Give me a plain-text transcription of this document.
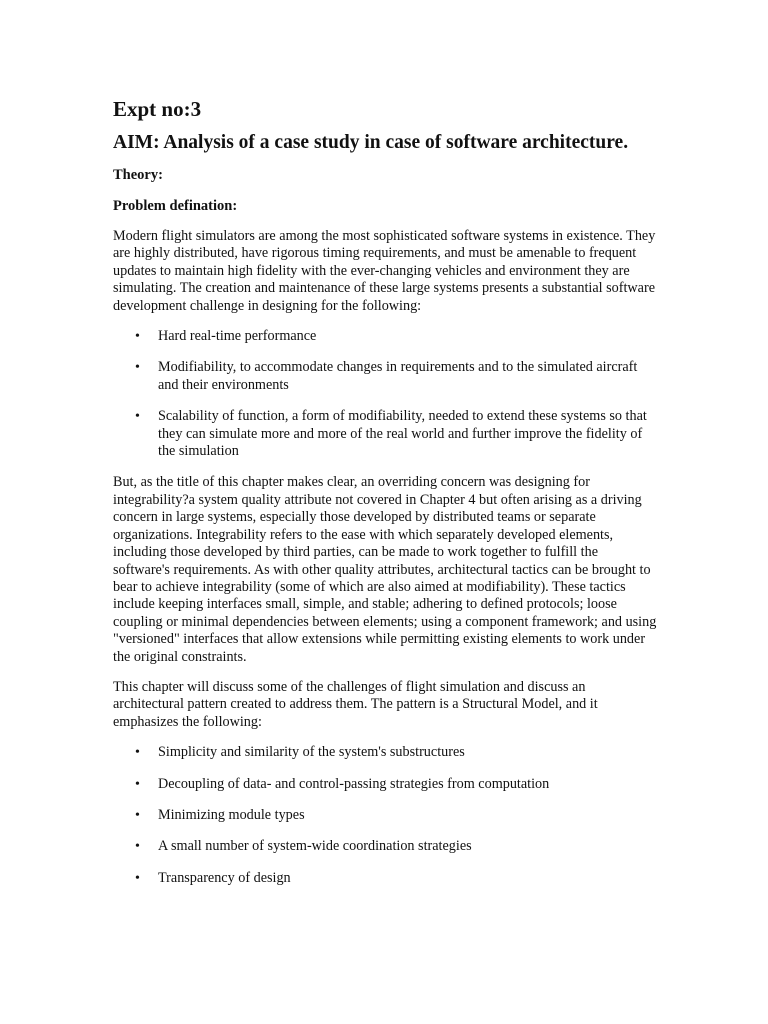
Expt no:3
AIM: Analysis of a case study in case of software architecture.
Theory:
Problem defination:

Modern flight simulators are among the most sophisticated software systems in existence. They are highly distributed, have rigorous timing requirements, and must be amenable to frequent updates to maintain high fidelity with the ever-changing vehicles and environment they are simulating. The creation and maintenance of these large systems presents a substantial software development challenge in designing for the following:

• Hard real-time performance
• Modifiability, to accommodate changes in requirements and to the simulated aircraft and their environments
• Scalability of function, a form of modifiability, needed to extend these systems so that they can simulate more and more of the real world and further improve the fidelity of the simulation

But, as the title of this chapter makes clear, an overriding concern was designing for integrability?a system quality attribute not covered in Chapter 4 but often arising as a driving concern in large systems, especially those developed by distributed teams or separate organizations. Integrability refers to the ease with which separately developed elements, including those developed by third parties, can be made to work together to fulfill the software's requirements. As with other quality attributes, architectural tactics can be brought to bear to achieve integrability (some of which are also aimed at modifiability). These tactics include keeping interfaces small, simple, and stable; adhering to defined protocols; loose coupling or minimal dependencies between elements; using a component framework; and using "versioned" interfaces that allow extensions while permitting existing elements to work under the original constraints.

This chapter will discuss some of the challenges of flight simulation and discuss an architectural pattern created to address them. The pattern is a Structural Model, and it emphasizes the following:

• Simplicity and similarity of the system's substructures
• Decoupling of data- and control-passing strategies from computation
• Minimizing module types
• A small number of system-wide coordination strategies
• Transparency of design
